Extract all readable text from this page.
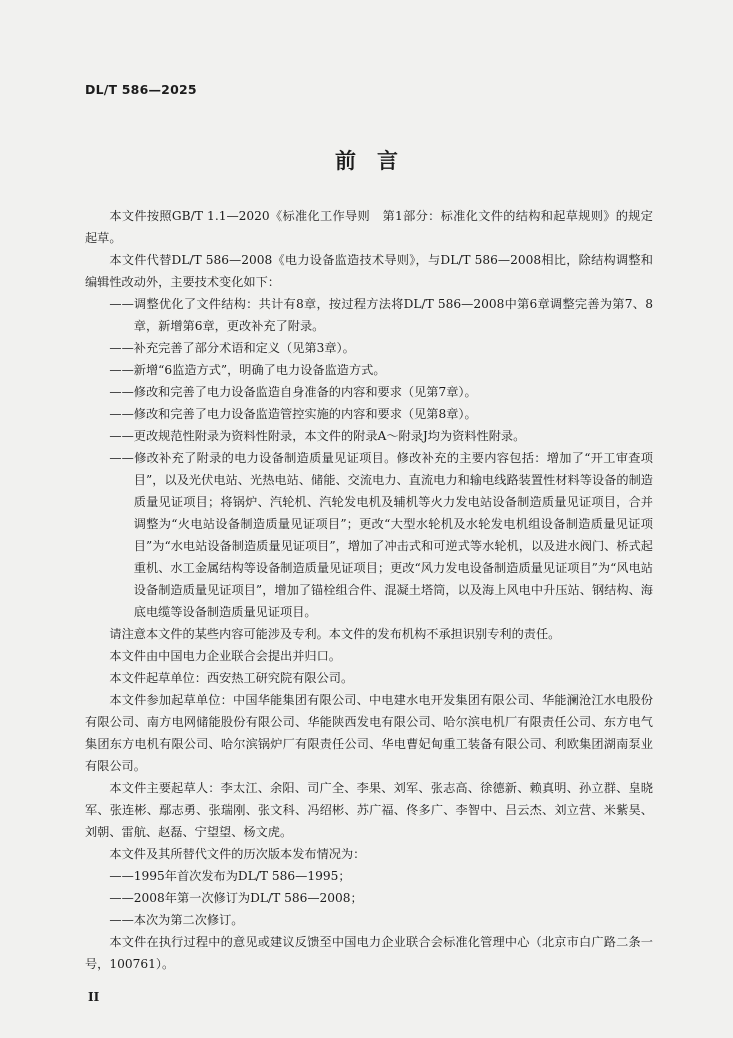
DL/T 586—2025
前　言

本文件按照GB/T 1.1—2020《标准化工作导则　第1部分：标准化文件的结构和起草规则》的规定起草。

本文件代替DL/T 586—2008《电力设备监造技术导则》，与DL/T 586—2008相比，除结构调整和编辑性改动外，主要技术变化如下：

——调整优化了文件结构：共计有8章，按过程方法将DL/T 586—2008中第6章调整完善为第7、8章，新增第6章，更改补充了附录。

——补充完善了部分术语和定义（见第3章）。

——新增“6监造方式”，明确了电力设备监造方式。

——修改和完善了电力设备监造自身准备的内容和要求（见第7章）。

——修改和完善了电力设备监造管控实施的内容和要求（见第8章）。

——更改规范性附录为资料性附录，本文件的附录A～附录J均为资料性附录。

——修改补充了附录的电力设备制造质量见证项目。修改补充的主要内容包括：增加了“开工审查项目”，以及光伏电站、光热电站、储能、交流电力、直流电力和输电线路装置性材料等设备的制造质量见证项目；将锅炉、汽轮机、汽轮发电机及辅机等火力发电站设备制造质量见证项目，合并调整为“火电站设备制造质量见证项目”；更改“大型水轮机及水轮发电机组设备制造质量见证项目”为“水电站设备制造质量见证项目”，增加了冲击式和可逆式等水轮机，以及进水阀门、桥式起重机、水工金属结构等设备制造质量见证项目；更改“风力发电设备制造质量见证项目”为“风电站设备制造质量见证项目”，增加了锚栓组合件、混凝土塔筒，以及海上风电中升压站、钢结构、海底电缆等设备制造质量见证项目。

请注意本文件的某些内容可能涉及专利。本文件的发布机构不承担识别专利的责任。

本文件由中国电力企业联合会提出并归口。

本文件起草单位：西安热工研究院有限公司。

本文件参加起草单位：中国华能集团有限公司、中电建水电开发集团有限公司、华能澜沧江水电股份有限公司、南方电网储能股份有限公司、华能陕西发电有限公司、哈尔滨电机厂有限责任公司、东方电气集团东方电机有限公司、哈尔滨锅炉厂有限责任公司、华电曹妃甸重工装备有限公司、利欧集团湖南泵业有限公司。

本文件主要起草人：李太江、余阳、司广全、李果、刘军、张志高、徐德新、赖真明、孙立群、皇晓军、张连彬、鄢志勇、张瑞刚、张文科、冯绍彬、苏广福、佟多广、李智中、吕云杰、刘立营、米紫昊、刘朝、雷航、赵磊、宁望望、杨文虎。

本文件及其所替代文件的历次版本发布情况为：

——1995年首次发布为DL/T 586—1995；

——2008年第一次修订为DL/T 586—2008；

——本次为第二次修订。

本文件在执行过程中的意见或建议反馈至中国电力企业联合会标准化管理中心（北京市白广路二条一号，100761）。

II
